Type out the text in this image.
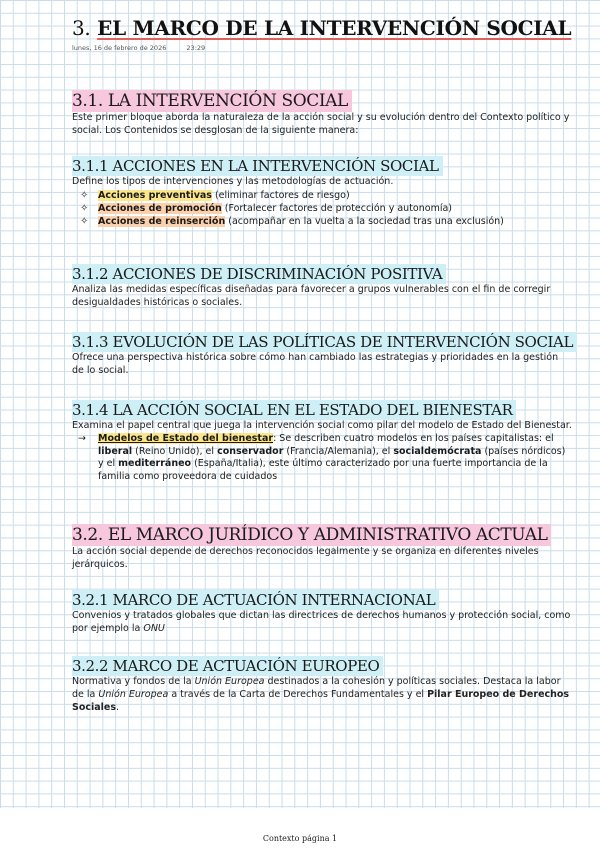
3. EL MARCO DE LA INTERVENCIÓN SOCIAL
lunes, 16 de febrero de 2026	23:29
3.1. LA INTERVENCIÓN SOCIAL

Este primer bloque aborda la naturaleza de la acción social y su evolución dentro del Contexto político y social. Los Contenidos se desglosan de la siguiente manera:

3.1.1 ACCIONES EN LA INTERVENCIÓN SOCIAL

Define los tipos de intervenciones y las metodologías de actuación.

✧ Acciones preventivas (eliminar factores de riesgo)
✧ Acciones de promoción (Fortalecer factores de protección y autonomía)
✧ Acciones de reinserción (acompañar en la vuelta a la sociedad tras una exclusión)
3.1.2 ACCIONES DE DISCRIMINACIÓN POSITIVA

Analiza las medidas específicas diseñadas para favorecer a grupos vulnerables con el fin de corregir desigualdades históricas o sociales.

3.1.3 EVOLUCIÓN DE LAS POLÍTICAS DE INTERVENCIÓN SOCIAL

Ofrece una perspectiva histórica sobre cómo han cambiado las estrategias y prioridades en la gestión de lo social.

3.1.4 LA ACCIÓN SOCIAL EN EL ESTADO DEL BIENESTAR

Examina el papel central que juega la intervención social como pilar del modelo de Estado del Bienestar.

→ Modelos de Estado del bienestar: Se describen cuatro modelos en los países capitalistas: el liberal (Reino Unido), el conservador (Francia/Alemania), el socialdemócrata (países nórdicos) y el mediterráneo (España/Italia), este último caracterizado por una fuerte importancia de la familia como proveedora de cuidados
3.2. EL MARCO JURÍDICO Y ADMINISTRATIVO ACTUAL

La acción social depende de derechos reconocidos legalmente y se organiza en diferentes niveles jerárquicos.

3.2.1 MARCO DE ACTUACIÓN INTERNACIONAL

Convenios y tratados globales que dictan las directrices de derechos humanos y protección social, como por ejemplo la ONU

3.2.2 MARCO DE ACTUACIÓN EUROPEO

Normativa y fondos de la Unión Europea destinados a la cohesión y políticas sociales. Destaca la labor de la Unión Europea a través de la Carta de Derechos Fundamentales y el Pilar Europeo de Derechos Sociales.

Contexto página 1
